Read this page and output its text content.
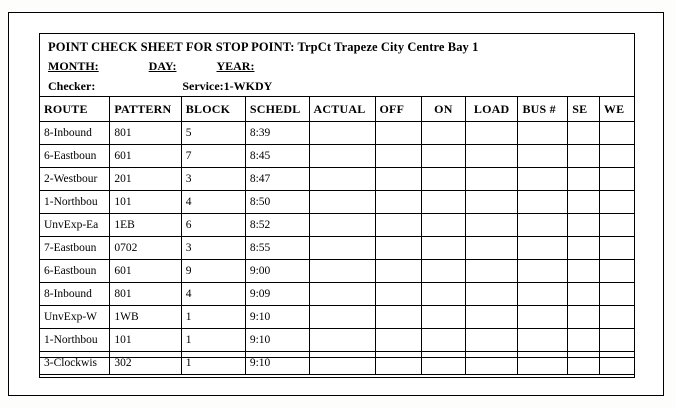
POINT CHECK SHEET FOR STOP POINT: TrpCt Trapeze City Centre Bay 1
MONTH:	DAY:	YEAR:
Checker:	Service:1-WKDY
ROUTE	PATTERN	BLOCK	SCHEDL	ACTUAL	OFF	ON	LOAD	BUS #	SE	WE
8-Inbound	801	5	8:39							
6-Eastboun	601	7	8:45							
2-Westbour	201	3	8:47							
1-Northbou	101	4	8:50							
UnvExp-Ea	1EB	6	8:52							
7-Eastboun	0702	3	8:55							
6-Eastboun	601	9	9:00							
8-Inbound	801	4	9:09							
UnvExp-W	1WB	1	9:10							
1-Northbou	101	1	9:10							
3-Clockwis	302	1	9:10							
